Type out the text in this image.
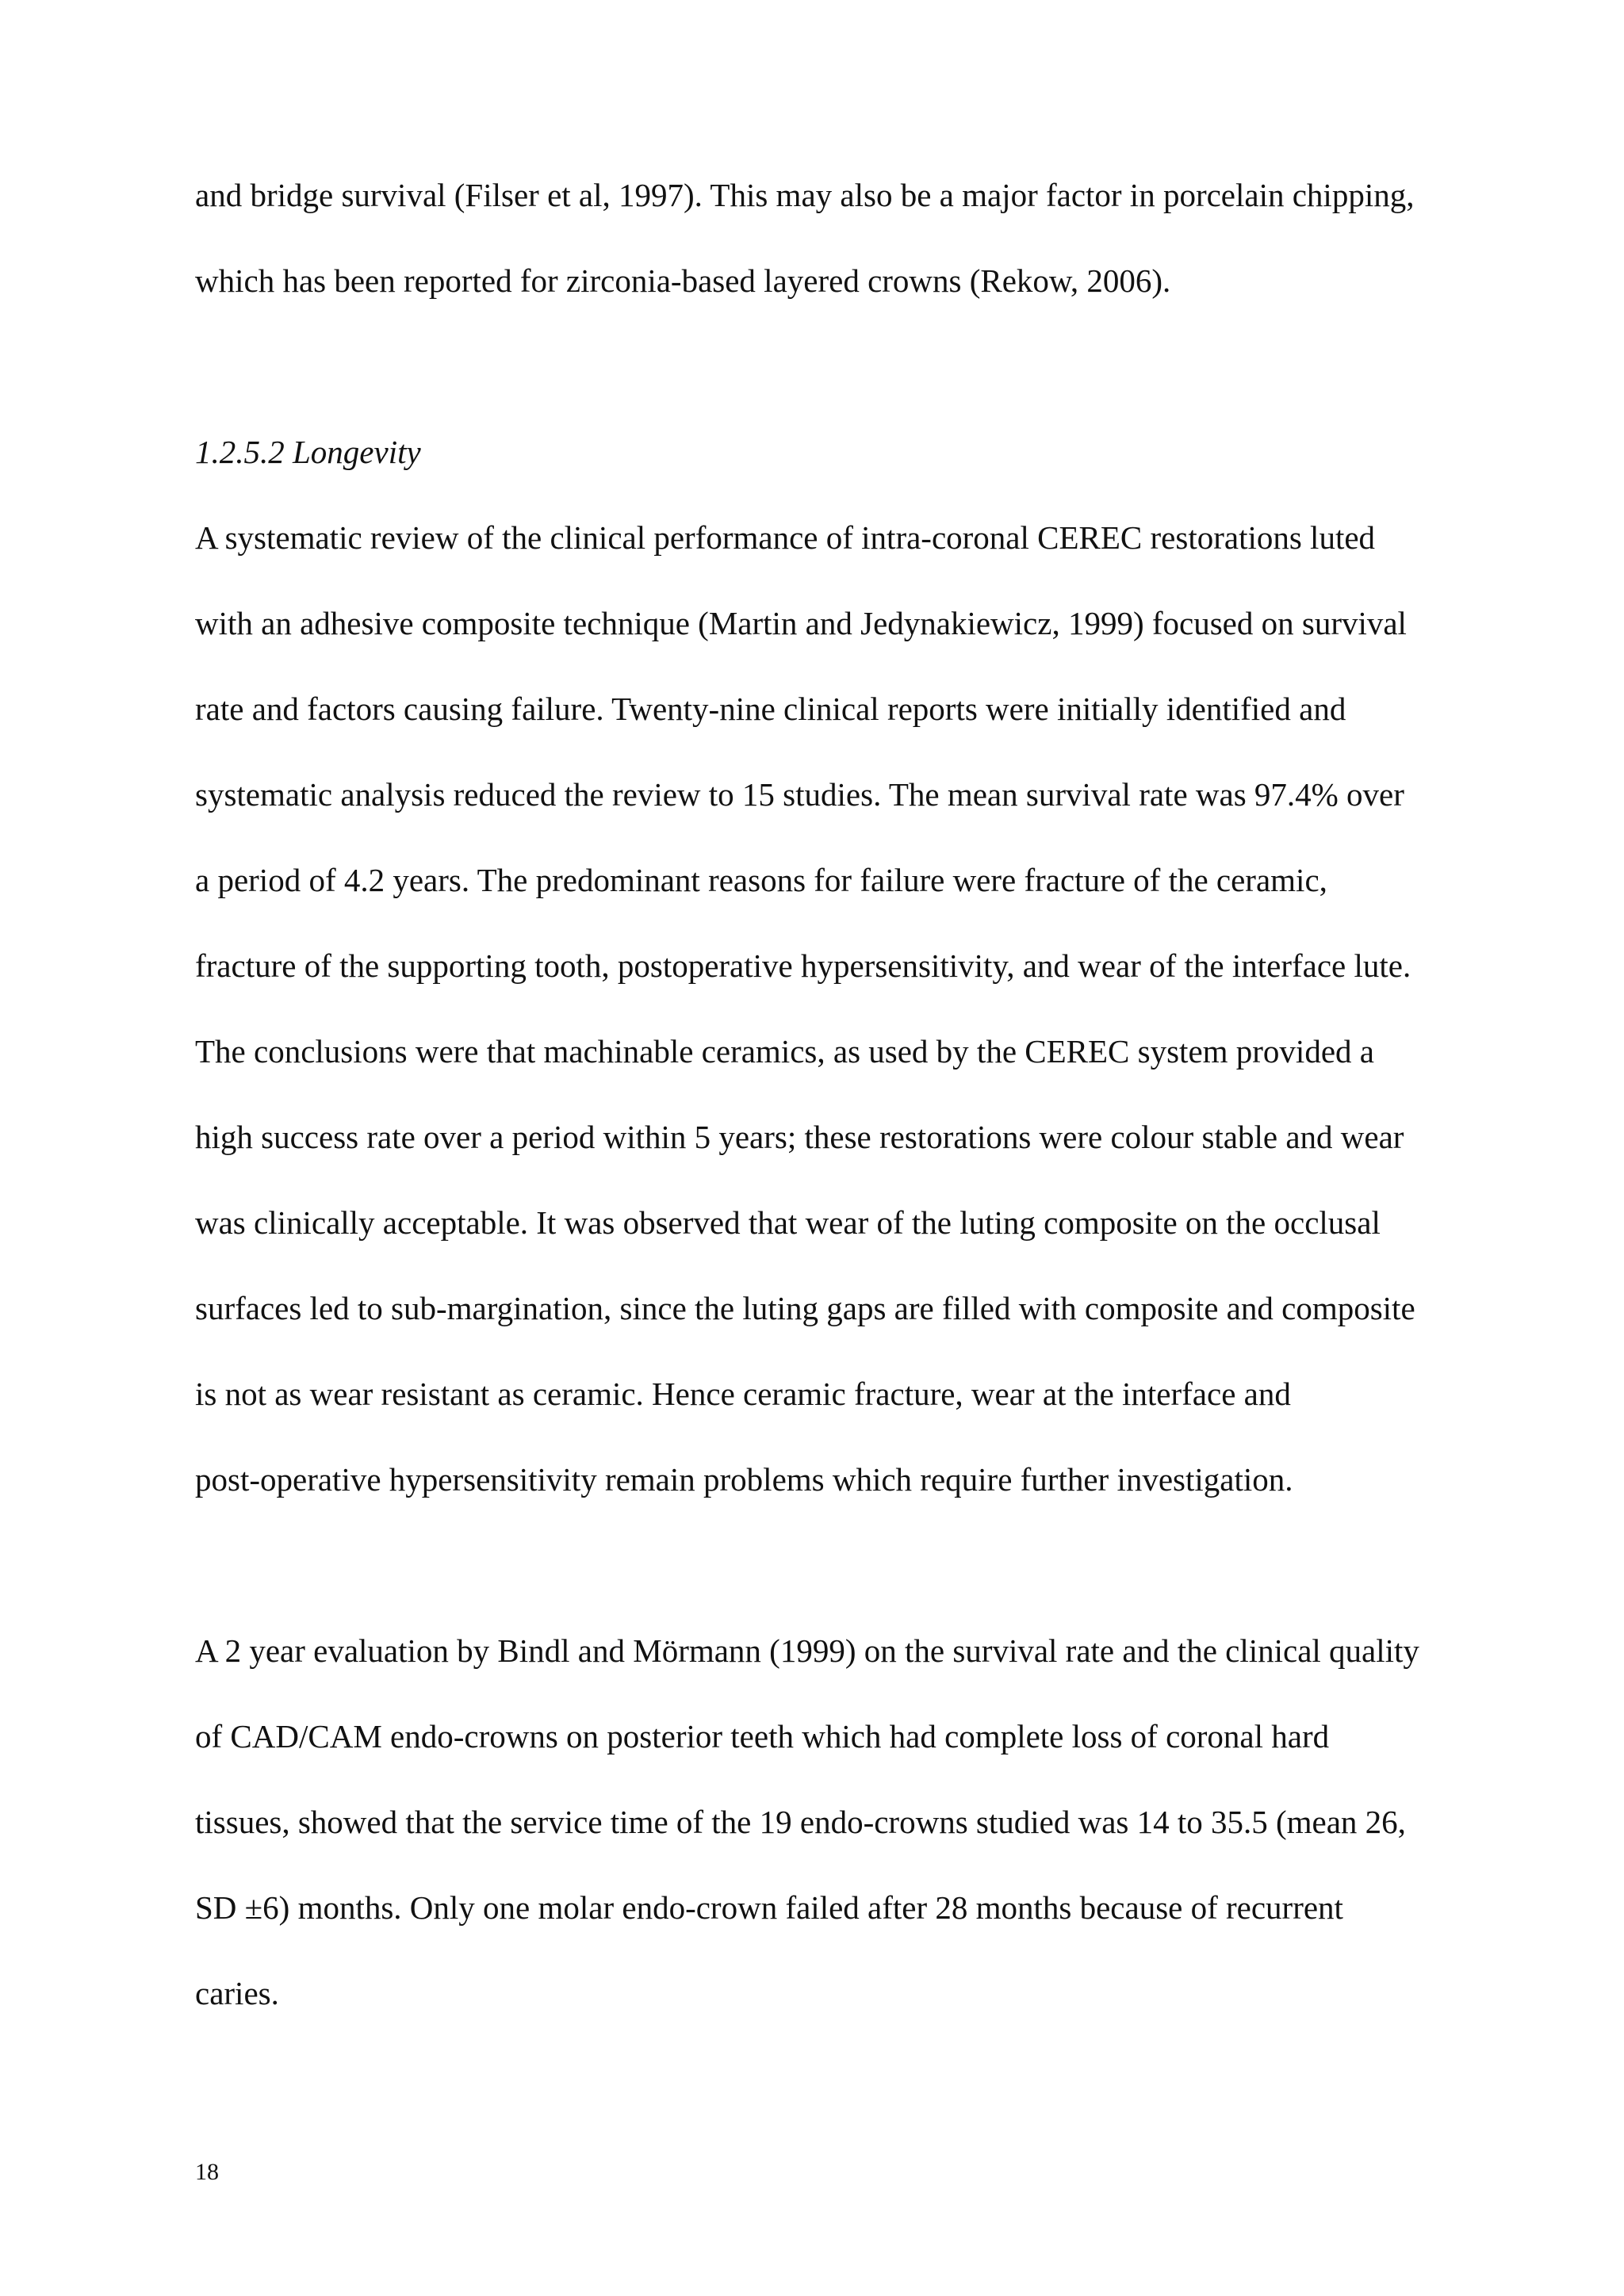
and bridge survival (Filser et al, 1997). This may also be a major factor in porcelain chipping,
which has been reported for zirconia-based layered crowns (Rekow, 2006).
1.2.5.2 Longevity
A systematic review of the clinical performance of intra-coronal CEREC restorations luted
with an adhesive composite technique (Martin and Jedynakiewicz, 1999) focused on survival
rate and factors causing failure. Twenty-nine clinical reports were initially identified and
systematic analysis reduced the review to 15 studies. The mean survival rate was 97.4% over
a period of 4.2 years. The predominant reasons for failure were fracture of the ceramic,
fracture of the supporting tooth, postoperative hypersensitivity, and wear of the interface lute.
The conclusions were that machinable ceramics, as used by the CEREC system provided a
high success rate over a period within 5 years; these restorations were colour stable and wear
was clinically acceptable. It was observed that wear of the luting composite on the occlusal
surfaces led to sub-margination, since the luting gaps are filled with composite and composite
is not as wear resistant as ceramic. Hence ceramic fracture, wear at the interface and
post-operative hypersensitivity remain problems which require further investigation.
A 2 year evaluation by Bindl and Mörmann (1999) on the survival rate and the clinical quality
of CAD/CAM endo-crowns on posterior teeth which had complete loss of coronal hard
tissues, showed that the service time of the 19 endo-crowns studied was 14 to 35.5 (mean 26,
SD ±6) months. Only one molar endo-crown failed after 28 months because of recurrent
caries.
18
